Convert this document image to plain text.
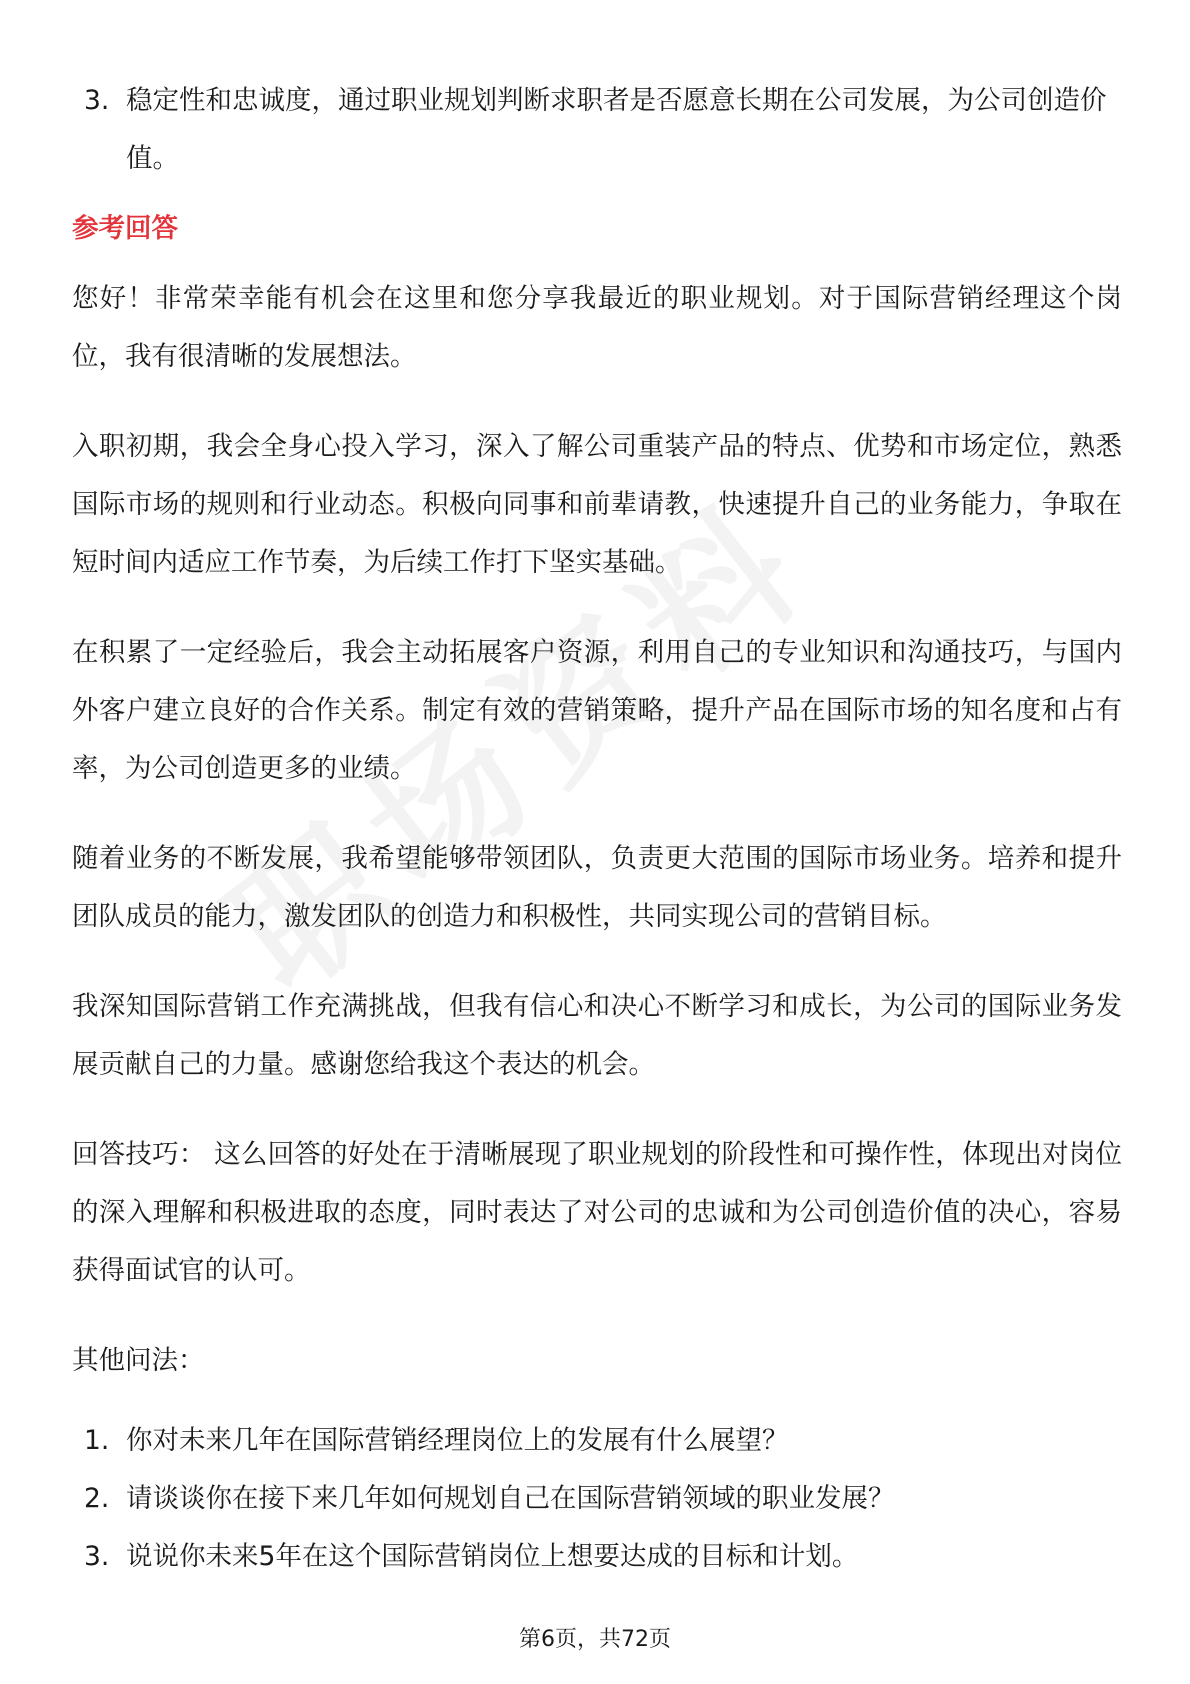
3. 稳定性和忠诚度，通过职业规划判断求职者是否愿意长期在公司发展，为公司创造价值。
参考回答

您好！非常荣幸能有机会在这里和您分享我最近的职业规划。对于国际营销经理这个岗位，我有很清晰的发展想法。

入职初期，我会全身心投入学习，深入了解公司重装产品的特点、优势和市场定位，熟悉国际市场的规则和行业动态。积极向同事和前辈请教，快速提升自己的业务能力，争取在短时间内适应工作节奏，为后续工作打下坚实基础。

在积累了一定经验后，我会主动拓展客户资源，利用自己的专业知识和沟通技巧，与国内外客户建立良好的合作关系。制定有效的营销策略，提升产品在国际市场的知名度和占有率，为公司创造更多的业绩。

随着业务的不断发展，我希望能够带领团队，负责更大范围的国际市场业务。培养和提升团队成员的能力，激发团队的创造力和积极性，共同实现公司的营销目标。

我深知国际营销工作充满挑战，但我有信心和决心不断学习和成长，为公司的国际业务发展贡献自己的力量。感谢您给我这个表达的机会。

回答技巧： 这么回答的好处在于清晰展现了职业规划的阶段性和可操作性，体现出对岗位的深入理解和积极进取的态度，同时表达了对公司的忠诚和为公司创造价值的决心，容易获得面试官的认可。

其他问法：

1. 你对未来几年在国际营销经理岗位上的发展有什么展望？
2. 请谈谈你在接下来几年如何规划自己在国际营销领域的职业发展？
3. 说说你未来5年在这个国际营销岗位上想要达成的目标和计划。
第6页，共72页
